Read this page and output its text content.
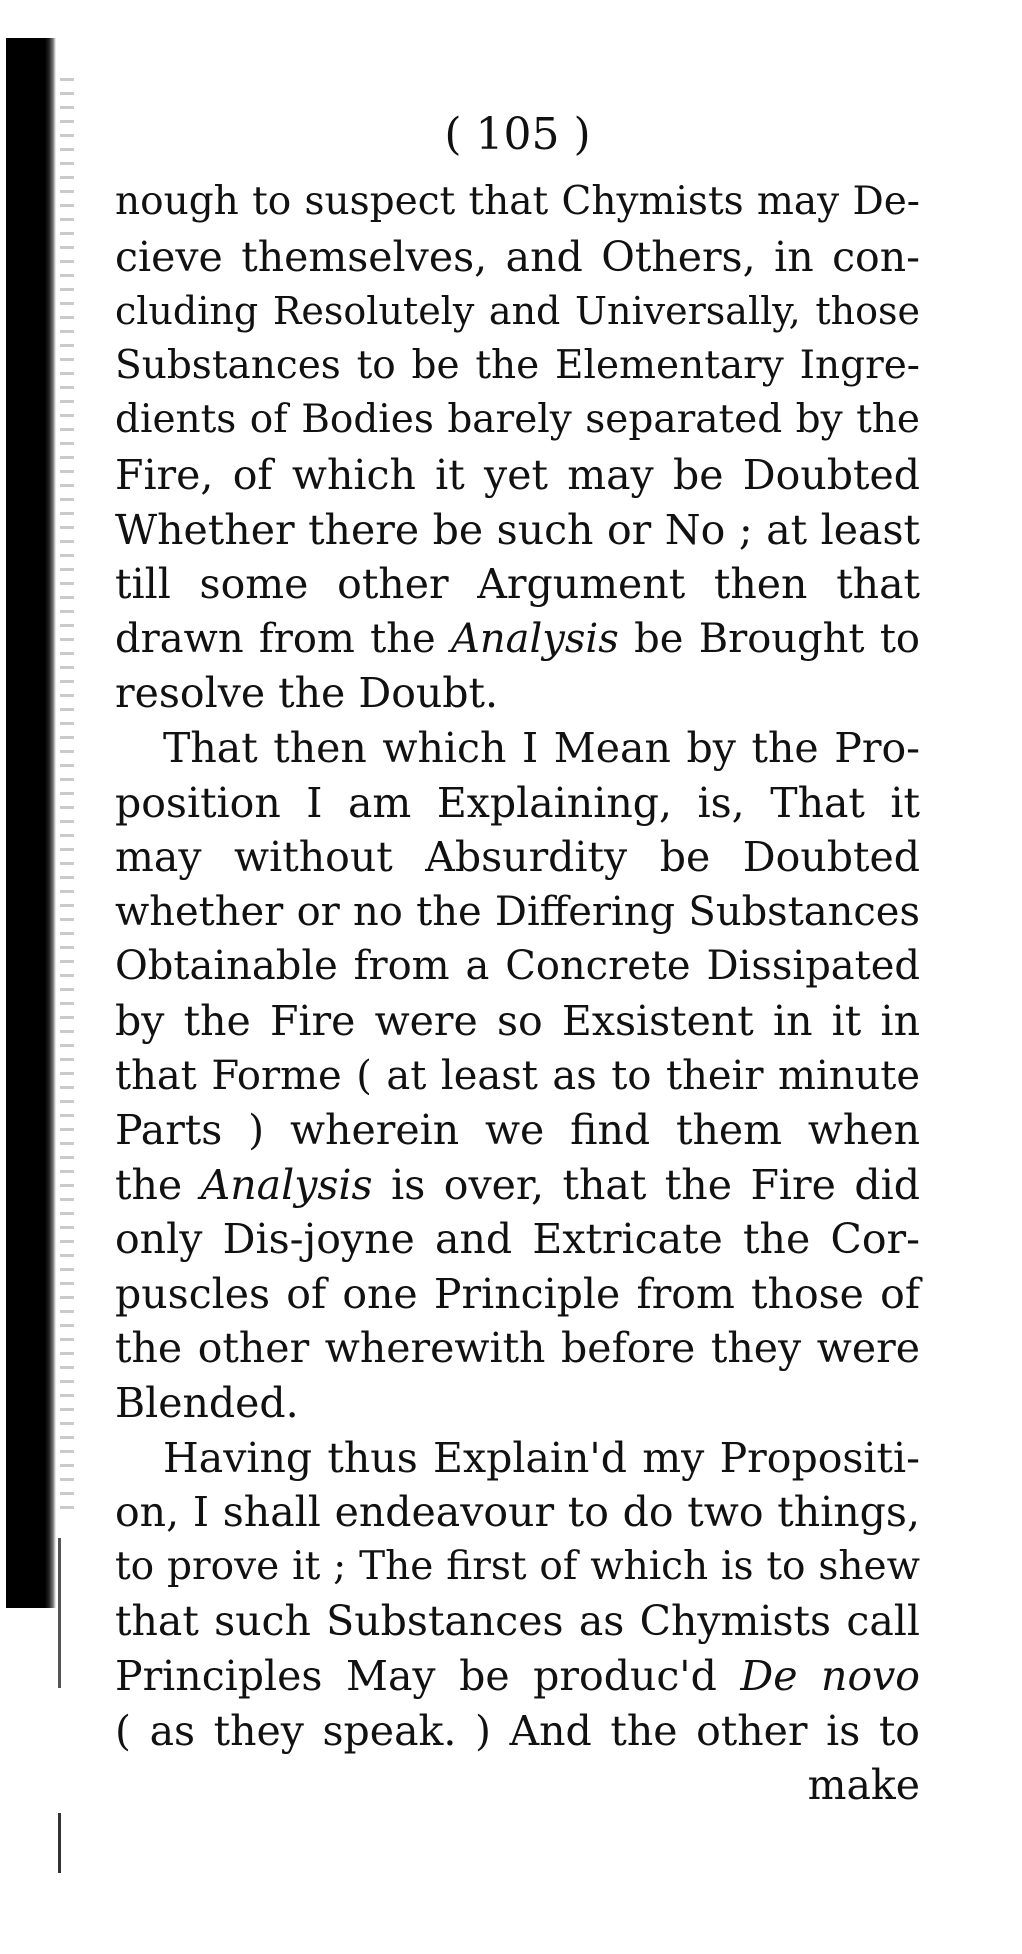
( 105 )
nough to suspect that Chymists may De-
cieve themselves, and Others, in con-
cluding Resolutely and Universally, those
Substances to be the Elementary Ingre-
dients of Bodies barely separated by the
Fire, of which it yet may be Doubted
Whether there be such or No ; at least
till some other Argument then that
drawn from the Analysis be Brought to
resolve the Doubt.
That then which I Mean by the Pro-
position I am Explaining, is, That it
may without Absurdity be Doubted
whether or no the Differing Substances
Obtainable from a Concrete Dissipated
by the Fire were so Exsistent in it in
that Forme ( at least as to their minute
Parts ) wherein we find them when
the Analysis is over, that the Fire did
only Dis-joyne and Extricate the Cor-
puscles of one Principle from those of
the other wherewith before they were
Blended.
Having thus Explain'd my Propositi-
on, I shall endeavour to do two things,
to prove it ; The first of which is to shew
that such Substances as Chymists call
Principles May be produc'd De novo
( as they speak. ) And the other is to
make
